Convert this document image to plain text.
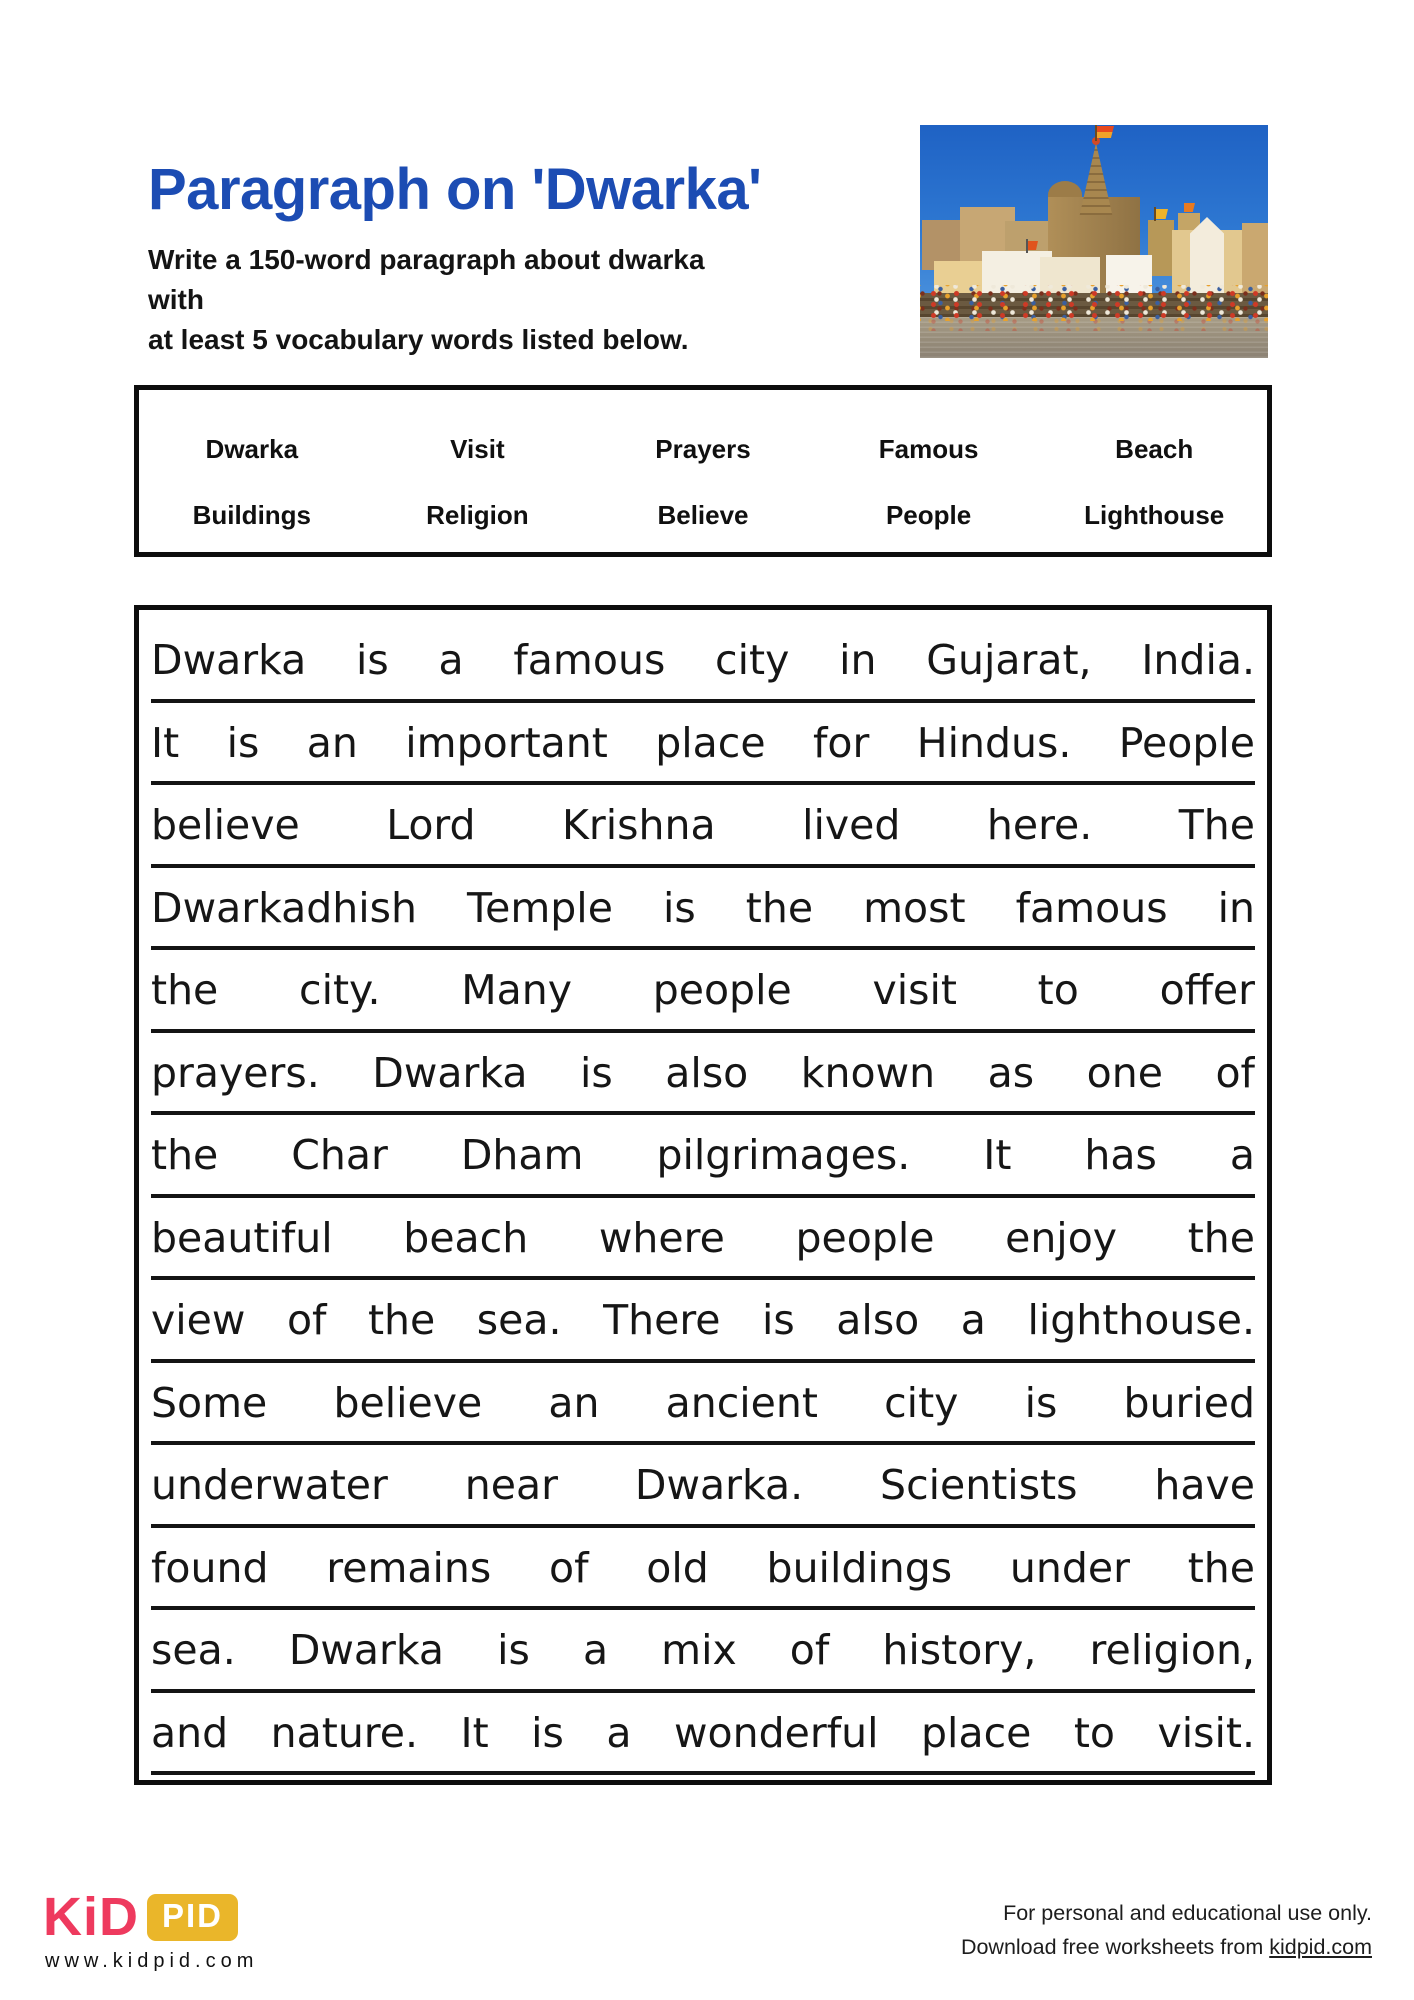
Paragraph on 'Dwarka'
Write a 150-word paragraph about dwarka with
at least 5 vocabulary words listed below.
Dwarka	Visit	Prayers	Famous	Beach
Buildings	Religion	Believe	People	Lighthouse
Dwarka is a famous city in Gujarat, India.
It is an important place for Hindus. People
believe Lord Krishna lived here. The
Dwarkadhish Temple is the most famous in
the city. Many people visit to offer
prayers. Dwarka is also known as one of
the Char Dham pilgrimages. It has a
beautiful beach where people enjoy the
view of the sea. There is also a lighthouse.
Some believe an ancient city is buried
underwater near Dwarka. Scientists have
found remains of old buildings under the
sea. Dwarka is a mix of history, religion,
and nature. It is a wonderful place to visit.
KiD PID
www.kidpid.com
For personal and educational use only.
Download free worksheets from kidpid.com
